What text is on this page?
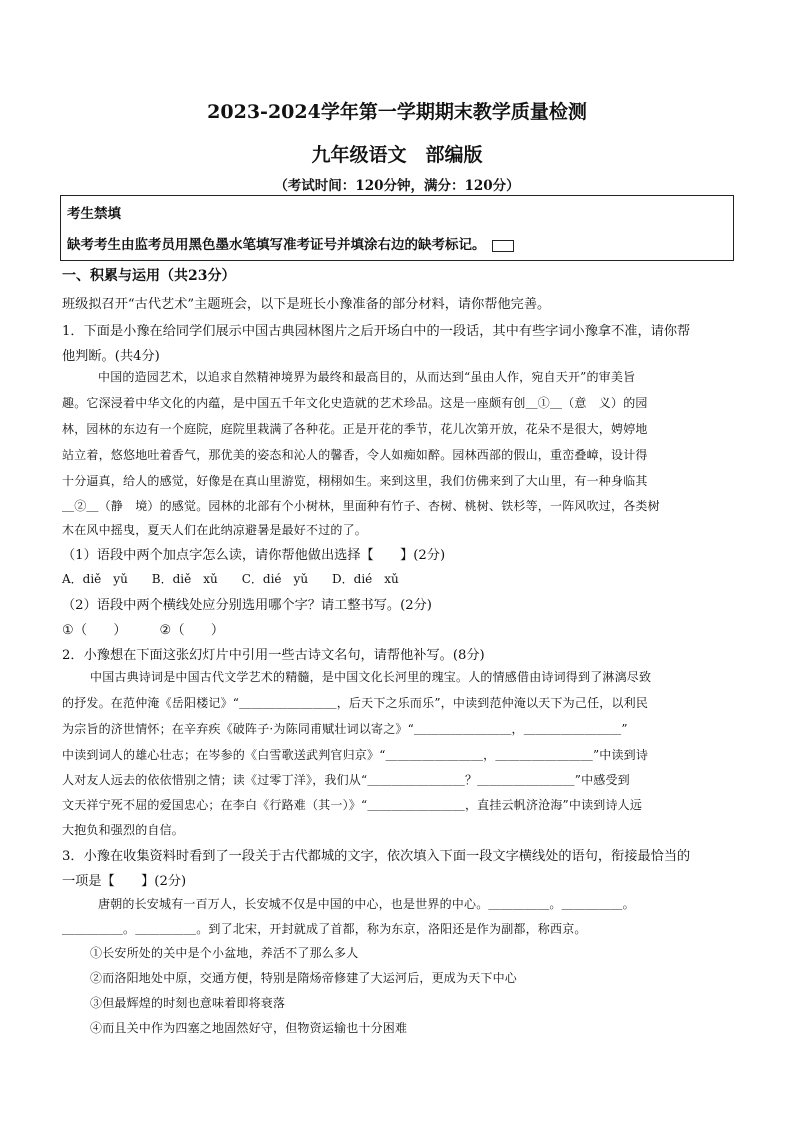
2023-2024学年第一学期期末教学质量检测
九年级语文　部编版
（考试时间：120分钟，满分：120分）
考生禁填
缺考考生由监考员用黑色墨水笔填写准考证号并填涂右边的缺考标记。
一、积累与运用（共23分）
班级拟召开“古代艺术”主题班会，以下是班长小豫准备的部分材料，请你帮他完善。
1．下面是小豫在给同学们展示中国古典园林图片之后开场白中的一段话，其中有些字词小豫拿不准，请你帮
他判断。(共4分)
中国的造园艺术，以追求自然精神境界为最终和最高目的，从而达到“虽由人作，宛自天开”的审美旨
趣。它深浸着中华文化的内蕴，是中国五千年文化史造就的艺术珍品。这是一座颇有创＿①＿（意　义）的园
林，园林的东边有一个庭院，庭院里栽满了各种花。正是开花的季节，花儿次第开放，花朵不是很大，娉婷地
站立着，悠悠地吐着香气，那优美的姿态和沁人的馨香，令人如痴如醉。园林西部的假山，重峦叠嶂，设计得
十分逼真，给人的感觉，好像是在真山里游览，栩栩如生。来到这里，我们仿佛来到了大山里，有一种身临其
＿②＿（静　境）的感觉。园林的北部有个小树林，里面种有竹子、杏树、桃树、铁杉等，一阵风吹过，各类树
木在风中摇曳，夏天人们在此纳凉避暑是最好不过的了。
（1）语段中两个加点字怎么读，请你帮他做出选择【　　】(2分)
A．diě　yǔ　　B．diě　xǔ　　C．dié　yǔ　　D．dié　xǔ
（2）语段中两个横线处应分别选用哪个字？请工整书写。(2分)
①（　　）　　　②（　　）
2．小豫想在下面这张幻灯片中引用一些古诗文名句，请帮他补写。(8分)
中国古典诗词是中国古代文学艺术的精髓，是中国文化长河里的瑰宝。人的情感借由诗词得到了淋漓尽致
的抒发。在范仲淹《岳阳楼记》“＿＿＿＿＿＿＿＿，后天下之乐而乐”，中读到范仲淹以天下为己任，以利民
为宗旨的济世情怀；在辛弃疾《破阵子·为陈同甫赋壮词以寄之》“＿＿＿＿＿＿＿＿，＿＿＿＿＿＿＿＿”
中读到词人的雄心壮志；在岑参的《白雪歌送武判官归京》“＿＿＿＿＿＿＿＿，＿＿＿＿＿＿＿＿”中读到诗
人对友人远去的依依惜别之情；读《过零丁洋》，我们从“＿＿＿＿＿＿＿＿？＿＿＿＿＿＿＿＿”中感受到
文天祥宁死不屈的爱国忠心；在李白《行路难（其一）》“＿＿＿＿＿＿＿＿，直挂云帆济沧海”中读到诗人远
大抱负和强烈的自信。
3．小豫在收集资料时看到了一段关于古代都城的文字，依次填入下面一段文字横线处的语句，衔接最恰当的
一项是【　　】(2分)
唐朝的长安城有一百万人，长安城不仅是中国的中心，也是世界的中心。＿＿＿＿＿。＿＿＿＿＿。
＿＿＿＿＿。＿＿＿＿＿。到了北宋，开封就成了首都，称为东京，洛阳还是作为副都，称西京。
①长安所处的关中是个小盆地，养活不了那么多人
②而洛阳地处中原，交通方便，特别是隋炀帝修建了大运河后，更成为天下中心
③但最辉煌的时刻也意味着即将衰落
④而且关中作为四塞之地固然好守，但物资运输也十分困难
